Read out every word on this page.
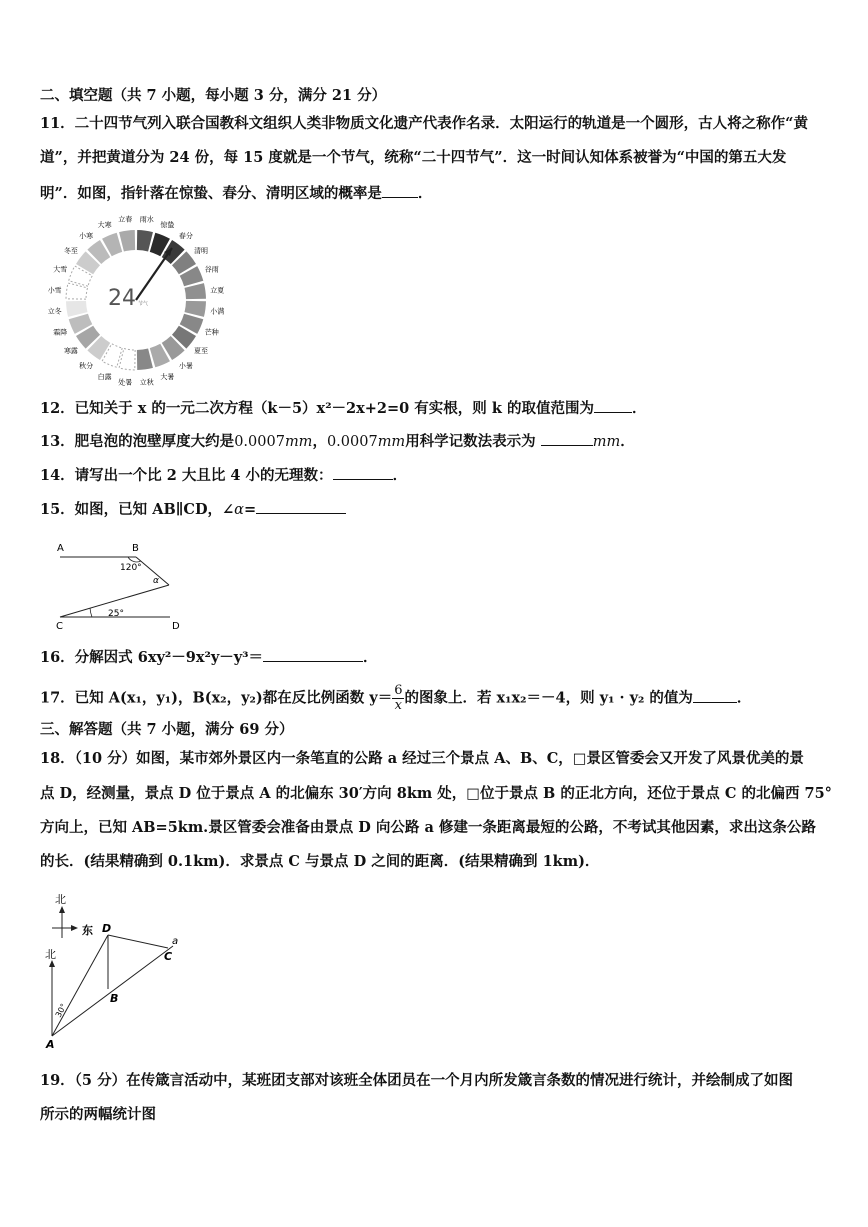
二、填空题（共 7 小题，每小题 3 分，满分 21 分）
11．二十四节气列入联合国教科文组织人类非物质文化遗产代表作名录．太阳运行的轨道是一个圆形，古人将之称作“黄
道”，并把黄道分为 24 份，每 15 度就是一个节气，统称“二十四节气”．这一时间认知体系被誉为“中国的第五大发
明”．如图，指针落在惊蛰、春分、清明区域的概率是 ．
24 节气
雨水
惊蛰
春分
清明
谷雨
立夏
小满
芒种
夏至
小暑
大暑
立秋
立春
大寒
小寒
冬至
大雪
小雪
立冬
霜降
寒露
秋分
白露
处暑
12．已知关于 x 的一元二次方程（k－5）x²－2x+2=0 有实根，则 k 的取值范围为	．
13．肥皂泡的泡壁厚度大约是0.0007mm，0.0007mm用科学记数法表示为	mm．
14．请写出一个比 2 大且比 4 小的无理数：	．
15．如图，已知 AB∥CD，∠α=
A	B
C	D
120°
α
25°
16．分解因式 6xy²－9x²y－y³＝	．
17．已知 A(x₁，y₁)，B(x₂，y₂)都在反比例函数 $y= \frac{6}{x}$ 的图象上．若 x₁x₂＝－4，则 y₁ · y₂ 的值为	．
三、解答题（共 7 小题，满分 69 分）
18．（10 分）如图，某市郊外景区内一条笔直的公路 a 经过三个景点 A、B、C，□景区管委会又开发了风景优美的景
点 D，经测量，景点 D 位于景点 A 的北偏东 30′方向 8km 处，□位于景点 B 的正北方向，还位于景点 C 的北偏西 75°
方向上，已知 AB=5km.景区管委会准备由景点 D 向公路 a 修建一条距离最短的公路，不考试其他因素，求出这条公路
的长．(结果精确到 0.1km)．求景点 C 与景点 D 之间的距离．(结果精确到 1km)．
北
东
北
A
B
C
D
a
30°
19．（5 分）在传箴言活动中，某班团支部对该班全体团员在一个月内所发箴言条数的情况进行统计，并绘制成了如图
所示的两幅统计图
